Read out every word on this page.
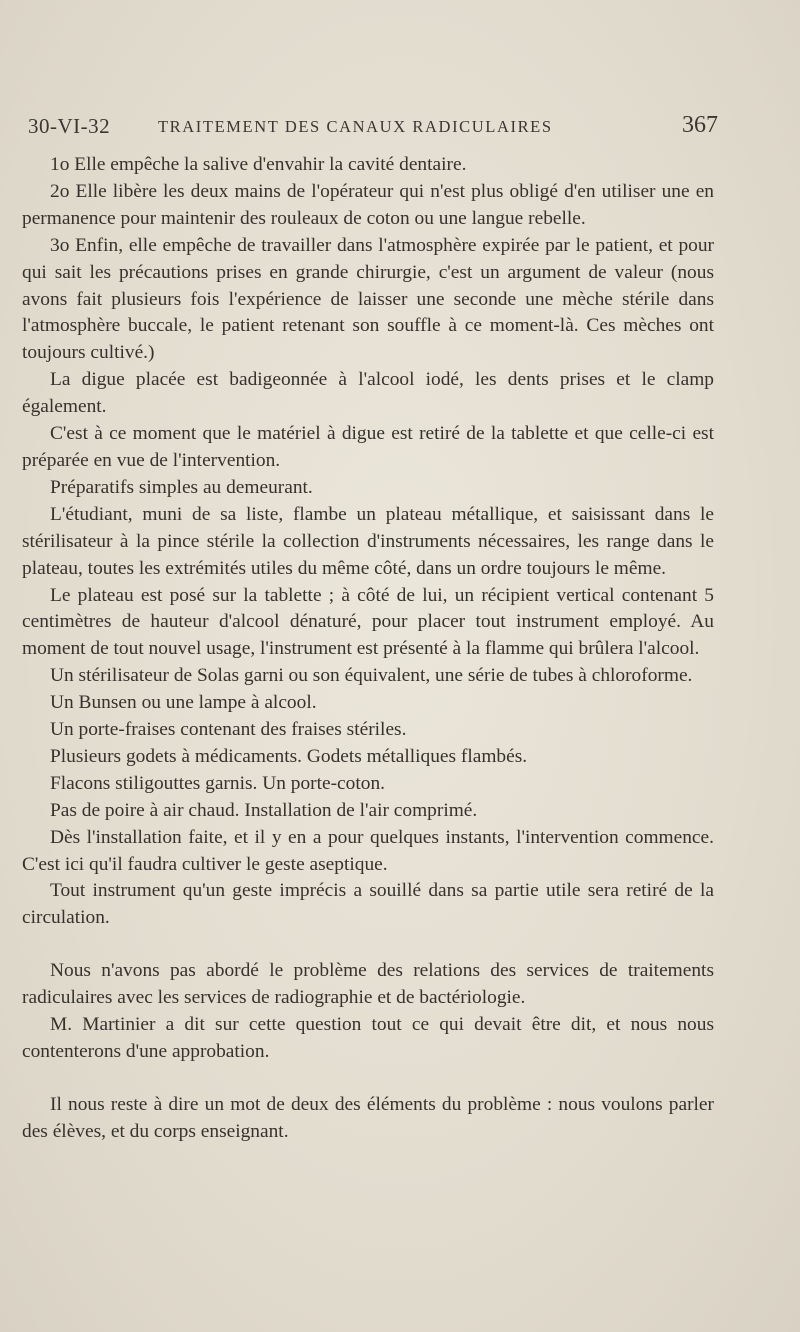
30-VI-32	TRAITEMENT DES CANAUX RADICULAIRES	367

1o Elle empêche la salive d'envahir la cavité dentaire.

2o Elle libère les deux mains de l'opérateur qui n'est plus obligé d'en utiliser une en permanence pour maintenir des rouleaux de coton ou une langue rebelle.

3o Enfin, elle empêche de travailler dans l'atmosphère expirée par le patient, et pour qui sait les précautions prises en grande chirurgie, c'est un argument de valeur (nous avons fait plusieurs fois l'expérience de laisser une seconde une mèche stérile dans l'atmosphère buccale, le patient retenant son souffle à ce moment-là. Ces mèches ont toujours cultivé.)

La digue placée est badigeonnée à l'alcool iodé, les dents prises et le clamp également.

C'est à ce moment que le matériel à digue est retiré de la tablette et que celle-ci est préparée en vue de l'intervention.

Préparatifs simples au demeurant.

L'étudiant, muni de sa liste, flambe un plateau métallique, et saisissant dans le stérilisateur à la pince stérile la collection d'instruments nécessaires, les range dans le plateau, toutes les extrémités utiles du même côté, dans un ordre toujours le même.

Le plateau est posé sur la tablette ; à côté de lui, un récipient vertical contenant 5 centimètres de hauteur d'alcool dénaturé, pour placer tout instrument employé. Au moment de tout nouvel usage, l'instrument est présenté à la flamme qui brûlera l'alcool.

Un stérilisateur de Solas garni ou son équivalent, une série de tubes à chloroforme.

Un Bunsen ou une lampe à alcool.

Un porte-fraises contenant des fraises stériles.

Plusieurs godets à médicaments. Godets métalliques flambés.

Flacons stiligouttes garnis. Un porte-coton.

Pas de poire à air chaud. Installation de l'air comprimé.

Dès l'installation faite, et il y en a pour quelques instants, l'intervention commence. C'est ici qu'il faudra cultiver le geste aseptique.

Tout instrument qu'un geste imprécis a souillé dans sa partie utile sera retiré de la circulation.

Nous n'avons pas abordé le problème des relations des services de traitements radiculaires avec les services de radiographie et de bactériologie.

M. Martinier a dit sur cette question tout ce qui devait être dit, et nous nous contenterons d'une approbation.

Il nous reste à dire un mot de deux des éléments du problème : nous voulons parler des élèves, et du corps enseignant.
